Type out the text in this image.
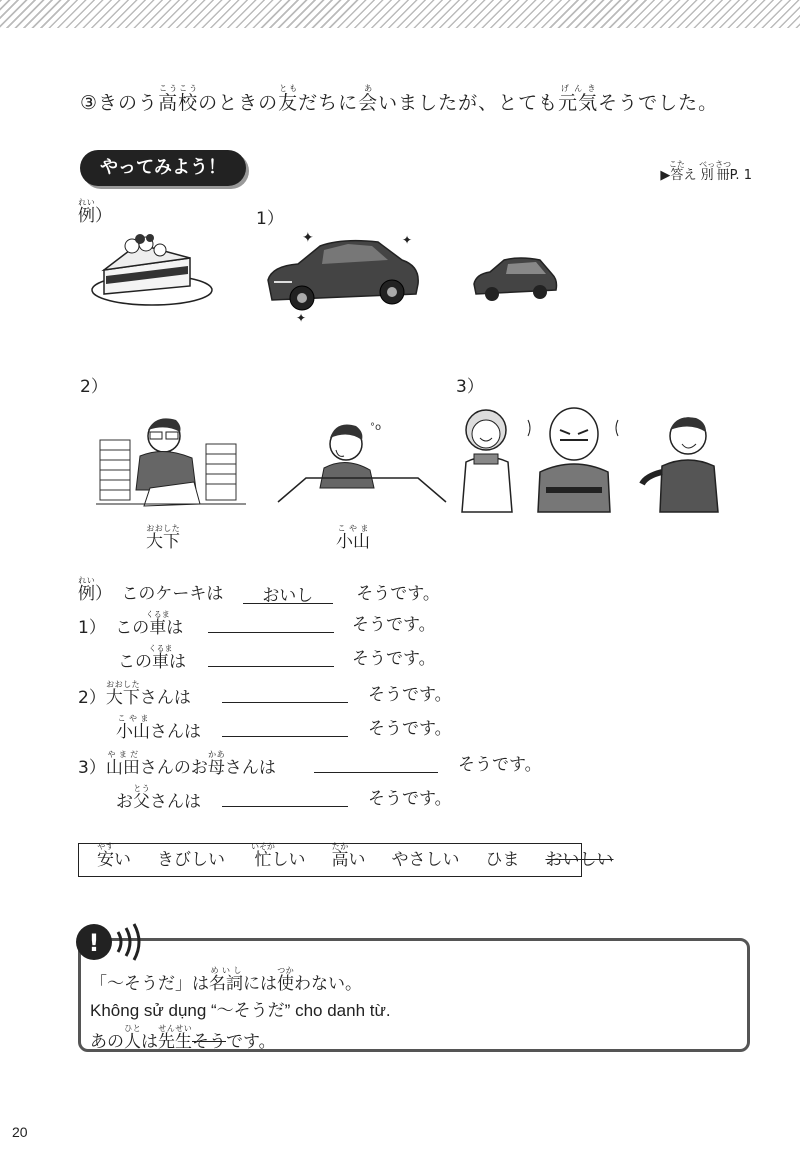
③きのう高校こうこうのときの友ともだちに会あいましたが、とても元気げんきそうでした。
やってみよう！	▶答こたえ 別冊べっさつP. 1
例れい）	1）
2）	3）
✦	✦
✦
°o
大下おおした
小山こやま
例れい） このケーキは おいし	そうです。
1） この車くるまは	そうです。
この車くるまは	そうです。
2）大下おおしたさんは	そうです。
小山こやまさんは	そうです。
3）山田やまださんのお母かあさんは	そうです。
お父とうさんは	そうです。
安やすい きびしい 忙いそがしい 高たかい やさしい ひま おいしい
!
「～そうだ」は名詞めいしには使つかわない。
Không sử dụng “～そうだ” cho danh từ.
あの人ひとは先生せんせいそうです。
20
